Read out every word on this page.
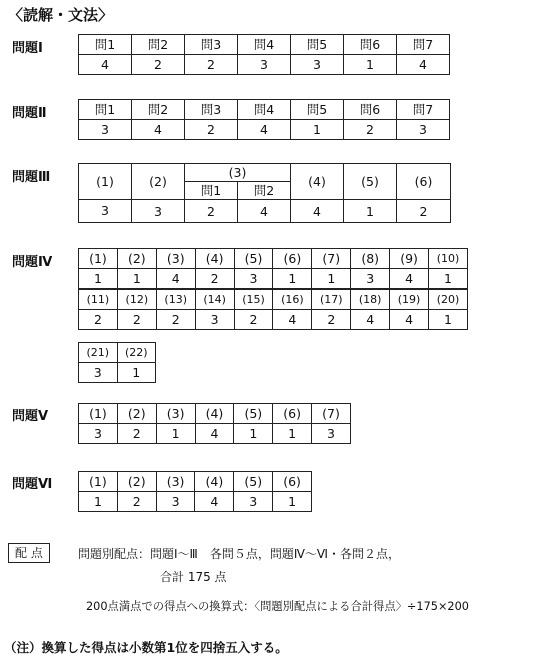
〈読解・文法〉
問題Ⅰ	問1	問2	問3	問4	問5	問6	問7
4	2	2	3	3	1	4
問題Ⅱ	問1	問2	問3	問4	問5	問6	問7
3	4	2	4	1	2	3
問題Ⅲ	(1)	(2)	(3)		(4)	(5)	(6)
		問1	問2			
3	3	2	4	4	1	2
問題Ⅳ	(1)	(2)	(3)	(4)	(5)	(6)	(7)	(8)	(9)	(10)
1	1	4	2	3	1	1	3	4	1
(11)	(12)	(13)	(14)	(15)	(16)	(17)	(18)	(19)	(20)
2	2	2	3	2	4	2	4	4	1
(21)	(22)
3	1
問題Ⅴ	(1)	(2)	(3)	(4)	(5)	(6)	(7)
3	2	1	4	1	1	3
問題Ⅵ	(1)	(2)	(3)	(4)	(5)	(6)
1	2	3	4	3	1
配 点	問題別配点：問題Ⅰ～Ⅲ　各問５点，問題Ⅳ～Ⅵ・各問２点，
合計 175 点
200点満点での得点への換算式：〈問題別配点による合計得点〉÷175×200
（注）換算した得点は小数第1位を四捨五入する。
